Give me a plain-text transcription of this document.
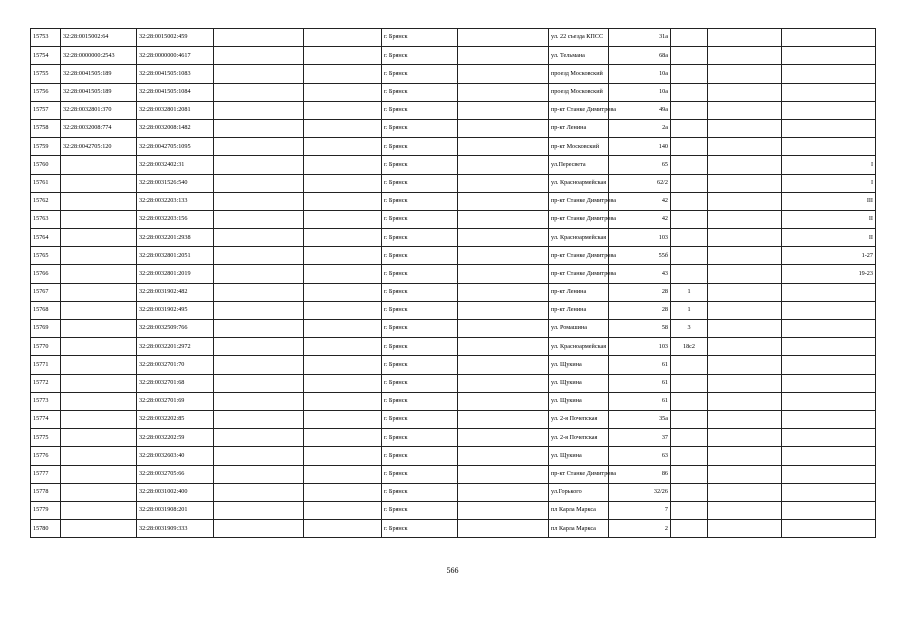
15753	32:28:0015002:64	32:28:0015002:459			г. Брянск		ул. 22 съезда КПСС	31а			
15754	32:28:0000000:2543	32:28:0000000:4617			г. Брянск		ул. Тельмана	68а			
15755	32:28:0041505:189	32:28:0041505:1083			г. Брянск		проезд Московский	10а			
15756	32:28:0041505:189	32:28:0041505:1084			г. Брянск		проезд Московский	10а			
15757	32:28:0032801:370	32:28:0032801:2081			г. Брянск		пр-кт Станке Димитрова	49а			
15758	32:28:0032008:774	32:28:0032008:1482			г. Брянск		пр-кт Ленина	2а			
15759	32:28:0042705:120	32:28:0042705:1095			г. Брянск		пр-кт Московский	140			
15760		32:28:0032402:31			г. Брянск		ул.Пересвета	65			I
15761		32:28:0031526:540			г. Брянск		ул. Красноармейская	62/2			I
15762		32:28:0032203:133			г. Брянск		пр-кт Станке Димитрова	42			III
15763		32:28:0032203:156			г. Брянск		пр-кт Станке Димитрова	42			II
15764		32:28:0032201:2938			г. Брянск		ул. Красноармейская	103			II
15765		32:28:0032801:2051			г. Брянск		пр-кт Станке Димитрова	55б			1-27
15766		32:28:0032801:2019			г. Брянск		пр-кт Станке Димитрова	43			19-23
15767		32:28:0031902:482			г. Брянск		пр-кт Ленина	28	1		
15768		32:28:0031902:495			г. Брянск		пр-кт Ленина	28	1		
15769		32:28:0032509:766			г. Брянск		ул. Ромашина	58	3		
15770		32:28:0032201:2972			г. Брянск		ул. Красноармейская	103	18с2		
15771		32:28:0032701:70			г. Брянск		ул. Щукина	61			
15772		32:28:0032701:68			г. Брянск		ул. Щукина	61			
15773		32:28:0032701:69			г. Брянск		ул. Щукина	61			
15774		32:28:0032202:85			г. Брянск		ул. 2-я Почепская	35а			
15775		32:28:0032202:59			г. Брянск		ул. 2-я Почепская	37			
15776		32:28:0032603:40			г. Брянск		ул. Щукина	63			
15777		32:28:0032705:66			г. Брянск		пр-кт Станке Димитрова	86			
15778		32:28:0031002:400			г. Брянск		ул.Горького	32/26			
15779		32:28:0031908:201			г. Брянск		пл Карла Маркса	7			
15780		32:28:0031909:333			г. Брянск		пл Карла Маркса	2			
566
